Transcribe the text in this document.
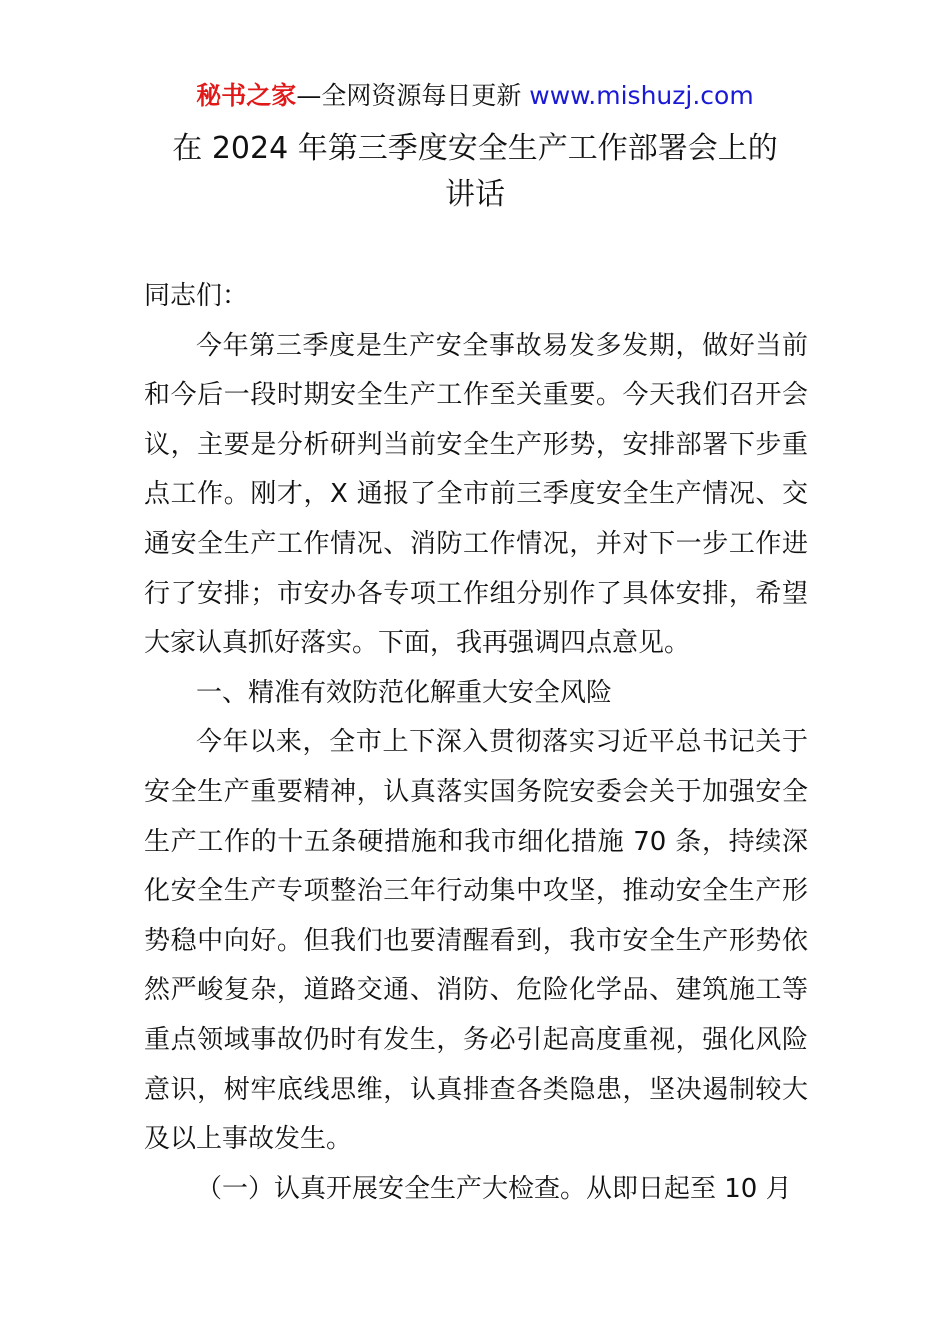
秘书之家—全网资源每日更新 www.mishuzj.com
在 2024 年第三季度安全生产工作部署会上的
讲话

同志们：

今年第三季度是生产安全事故易发多发期，做好当前和今后一段时期安全生产工作至关重要。今天我们召开会议，主要是分析研判当前安全生产形势，安排部署下步重点工作。刚才，X 通报了全市前三季度安全生产情况、交通安全生产工作情况、消防工作情况，并对下一步工作进行了安排；市安办各专项工作组分别作了具体安排，希望大家认真抓好落实。下面，我再强调四点意见。

一、精准有效防范化解重大安全风险

今年以来，全市上下深入贯彻落实习近平总书记关于安全生产重要精神，认真落实国务院安委会关于加强安全生产工作的十五条硬措施和我市细化措施 70 条，持续深化安全生产专项整治三年行动集中攻坚，推动安全生产形势稳中向好。但我们也要清醒看到，我市安全生产形势依然严峻复杂，道路交通、消防、危险化学品、建筑施工等重点领域事故仍时有发生，务必引起高度重视，强化风险意识，树牢底线思维，认真排查各类隐患，坚决遏制较大及以上事故发生。

（一）认真开展安全生产大检查。从即日起至 10 月
